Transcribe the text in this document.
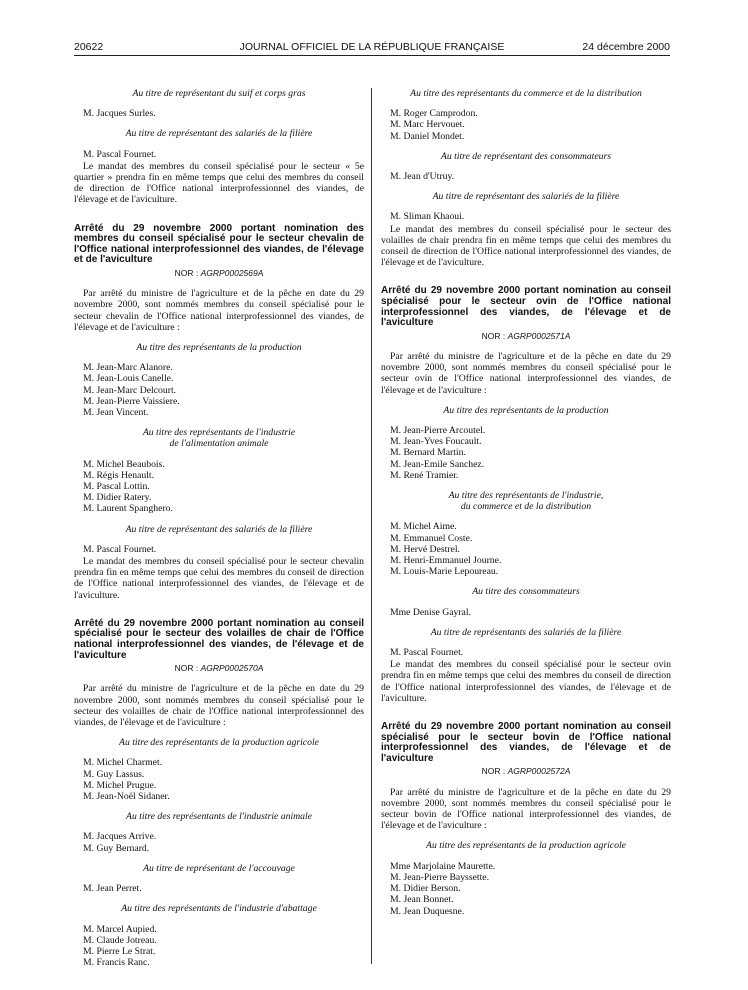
20622	JOURNAL OFFICIEL DE LA RÉPUBLIQUE FRANÇAISE	24 décembre 2000
Au titre de représentant du suif et corps gras
M. Jacques Surles.
Au titre de représentant des salariés de la filière
M. Pascal Fournet.
Le mandat des membres du conseil spécialisé pour le secteur « 5e quartier » prendra fin en même temps que celui des membres du conseil de direction de l'Office national interprofessionnel des viandes, de l'élevage et de l'aviculture.
Arrêté du 29 novembre 2000 portant nomination des membres du conseil spécialisé pour le secteur chevalin de l'Office national interprofessionnel des viandes, de l'élevage et de l'aviculture
NOR : AGRP0002569A
Par arrêté du ministre de l'agriculture et de la pêche en date du 29 novembre 2000, sont nommés membres du conseil spécialisé pour le secteur chevalin de l'Office national interprofessionnel des viandes, de l'élevage et de l'aviculture :
Au titre des représentants de la production
M. Jean-Marc Alanore.
M. Jean-Louis Canelle.
M. Jean-Marc Delcourt.
M. Jean-Pierre Vaissiere.
M. Jean Vincent.
Au titre des représentants de l'industrie
de l'alimentation animale
M. Michel Beaubois.
M. Régis Henault.
M. Pascal Lottin.
M. Didier Ratery.
M. Laurent Spanghero.
Au titre de représentant des salariés de la filière
M. Pascal Fournet.
Le mandat des membres du conseil spécialisé pour le secteur chevalin prendra fin en même temps que celui des membres du conseil de direction de l'Office national interprofessionnel des viandes, de l'élevage et de l'aviculture.
Arrêté du 29 novembre 2000 portant nomination au conseil spécialisé pour le secteur des volailles de chair de l'Office national interprofessionnel des viandes, de l'élevage et de l'aviculture
NOR : AGRP0002570A
Par arrêté du ministre de l'agriculture et de la pêche en date du 29 novembre 2000, sont nommés membres du conseil spécialisé pour le secteur des volailles de chair de l'Office national interprofessionnel des viandes, de l'élevage et de l'aviculture :
Au titre des représentants de la production agricole
M. Michel Charmet.
M. Guy Lassus.
M. Michel Prugue.
M. Jean-Noël Sidaner.
Au titre des représentants de l'industrie animale
M. Jacques Arrive.
M. Guy Bernard.
Au titre de représentant de l'accouvage
M. Jean Perret.
Au titre des représentants de l'industrie d'abattage
M. Marcel Aupied.
M. Claude Jotreau.
M. Pierre Le Strat.
M. Francis Ranc.
Au titre des représentants du commerce et de la distribution
M. Roger Camprodon.
M. Marc Hervouet.
M. Daniel Mondet.
Au titre de représentant des consommateurs
M. Jean d'Utruy.
Au titre de représentant des salariés de la filière
M. Sliman Khaoui.
Le mandat des membres du conseil spécialisé pour le secteur des volailles de chair prendra fin en même temps que celui des membres du conseil de direction de l'Office national interprofessionnel des viandes, de l'élevage et de l'aviculture.
Arrêté du 29 novembre 2000 portant nomination au conseil spécialisé pour le secteur ovin de l'Office national interprofessionnel des viandes, de l'élevage et de l'aviculture
NOR : AGRP0002571A
Par arrêté du ministre de l'agriculture et de la pêche en date du 29 novembre 2000, sont nommés membres du conseil spécialisé pour le secteur ovin de l'Office national interprofessionnel des viandes, de l'élevage et de l'aviculture :
Au titre des représentants de la production
M. Jean-Pierre Arcoutel.
M. Jean-Yves Foucault.
M. Bernard Martin.
M. Jean-Emile Sanchez.
M. René Tramier.
Au titre des représentants de l'industrie,
du commerce et de la distribution
M. Michel Aime.
M. Emmanuel Coste.
M. Hervé Destrel.
M. Henri-Emmanuel Journe.
M. Louis-Marie Lepoureau.
Au titre des consommateurs
Mme Denise Gayral.
Au titre de représentants des salariés de la filière
M. Pascal Fournet.
Le mandat des membres du conseil spécialisé pour le secteur ovin prendra fin en même temps que celui des membres du conseil de direction de l'Office national interprofessionnel des viandes, de l'élevage et de l'aviculture.
Arrêté du 29 novembre 2000 portant nomination au conseil spécialisé pour le secteur bovin de l'Office national interprofessionnel des viandes, de l'élevage et de l'aviculture
NOR : AGRP0002572A
Par arrêté du ministre de l'agriculture et de la pêche en date du 29 novembre 2000, sont nommés membres du conseil spécialisé pour le secteur bovin de l'Office national interprofessionnel des viandes, de l'élevage et de l'aviculture :
Au titre des représentants de la production agricole
Mme Marjolaine Maurette.
M. Jean-Pierre Bayssette.
M. Didier Berson.
M. Jean Bonnet.
M. Jean Duquesne.
